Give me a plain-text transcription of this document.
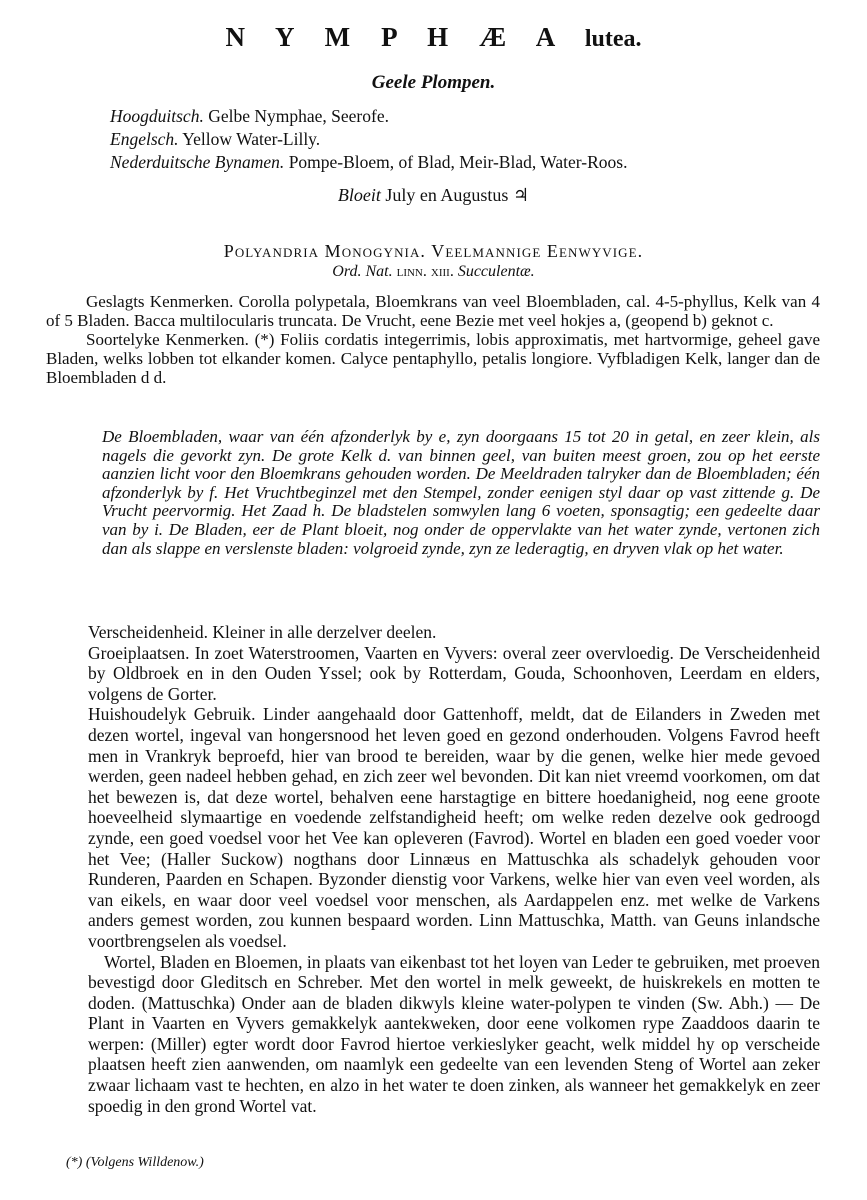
N Y M P H Æ A lutea.
Geele Plompen.
Hoogduitsch. Gelbe Nymphae, Seerofe.
Engelsch. Yellow Water-Lilly.
Nederduitsche Bynamen. Pompe-Bloem, of Blad, Meir-Blad, Water-Roos.
Bloeit July en Augustus ♃
Polyandria Monogynia. Veelmannige Eenwyvige.
Ord. Nat. linn. xiii. Succulentæ.

Geslagts Kenmerken. Corolla polypetala, Bloemkrans van veel Bloembladen, cal. 4-5-phyllus, Kelk van 4 of 5 Bladen. Bacca multilocularis truncata. De Vrucht, eene Bezie met veel hokjes a, (geopend b) geknot c.

Soortelyke Kenmerken. (*) Foliis cordatis integerrimis, lobis approximatis, met hartvormige, geheel gave Bladen, welks lobben tot elkander komen. Calyce pentaphyllo, petalis longiore. Vyfbladigen Kelk, langer dan de Bloembladen d d.

De Bloembladen, waar van één afzonderlyk by e, zyn doorgaans 15 tot 20 in getal, en zeer klein, als nagels die gevorkt zyn. De grote Kelk d. van binnen geel, van buiten meest groen, zou op het eerste aanzien licht voor den Bloemkrans gehouden worden. De Meeldraden talryker dan de Bloembladen; één afzonderlyk by f. Het Vruchtbeginzel met den Stempel, zonder eenigen styl daar op vast zittende g. De Vrucht peervormig. Het Zaad h. De bladstelen somwylen lang 6 voeten, sponsagtig; een gedeelte daar van by i. De Bladen, eer de Plant bloeit, nog onder de oppervlakte van het water zynde, vertonen zich dan als slappe en verslenste bladen: volgroeid zynde, zyn ze lederagtig, en dryven vlak op het water.

Verscheidenheid. Kleiner in alle derzelver deelen.

Groeiplaatsen. In zoet Waterstroomen, Vaarten en Vyvers: overal zeer overvloedig. De Verscheidenheid by Oldbroek en in den Ouden Yssel; ook by Rotterdam, Gouda, Schoonhoven, Leerdam en elders, volgens de Gorter.

Huishoudelyk Gebruik. Linder aangehaald door Gattenhoff, meldt, dat de Eilanders in Zweden met dezen wortel, ingeval van hongersnood het leven goed en gezond onderhouden. Volgens Favrod heeft men in Vrankryk beproefd, hier van brood te bereiden, waar by die genen, welke hier mede gevoed werden, geen nadeel hebben gehad, en zich zeer wel bevonden. Dit kan niet vreemd voorkomen, om dat het bewezen is, dat deze wortel, behalven eene harstagtige en bittere hoedanigheid, nog eene groote hoeveelheid slymaartige en voedende zelfstandigheid heeft; om welke reden dezelve ook gedroogd zynde, een goed voedsel voor het Vee kan opleveren (Favrod). Wortel en bladen een goed voeder voor het Vee; (Haller Suckow) nogthans door Linnæus en Mattuschka als schadelyk gehouden voor Runderen, Paarden en Schapen. Byzonder dienstig voor Varkens, welke hier van even veel worden, als van eikels, en waar door veel voedsel voor menschen, als Aardappelen enz. met welke de Varkens anders gemest worden, zou kunnen bespaard worden. Linn Mattuschka, Matth. van Geuns inlandsche voortbrengselen als voedsel.

Wortel, Bladen en Bloemen, in plaats van eikenbast tot het loyen van Leder te gebruiken, met proeven bevestigd door Gleditsch en Schreber. Met den wortel in melk geweekt, de huiskrekels en motten te doden. (Mattuschka) Onder aan de bladen dikwyls kleine water-polypen te vinden (Sw. Abh.) — De Plant in Vaarten en Vyvers gemakkelyk aantekweken, door eene volkomen rype Zaaddoos daarin te werpen: (Miller) egter wordt door Favrod hiertoe verkieslyker geacht, welk middel hy op verscheide plaatsen heeft zien aanwenden, om naamlyk een gedeelte van een levenden Steng of Wortel aan zeker zwaar lichaam vast te hechten, en alzo in het water te doen zinken, als wanneer het gemakkelyk en zeer spoedig in den grond Wortel vat.

(*) (Volgens Willdenow.)
